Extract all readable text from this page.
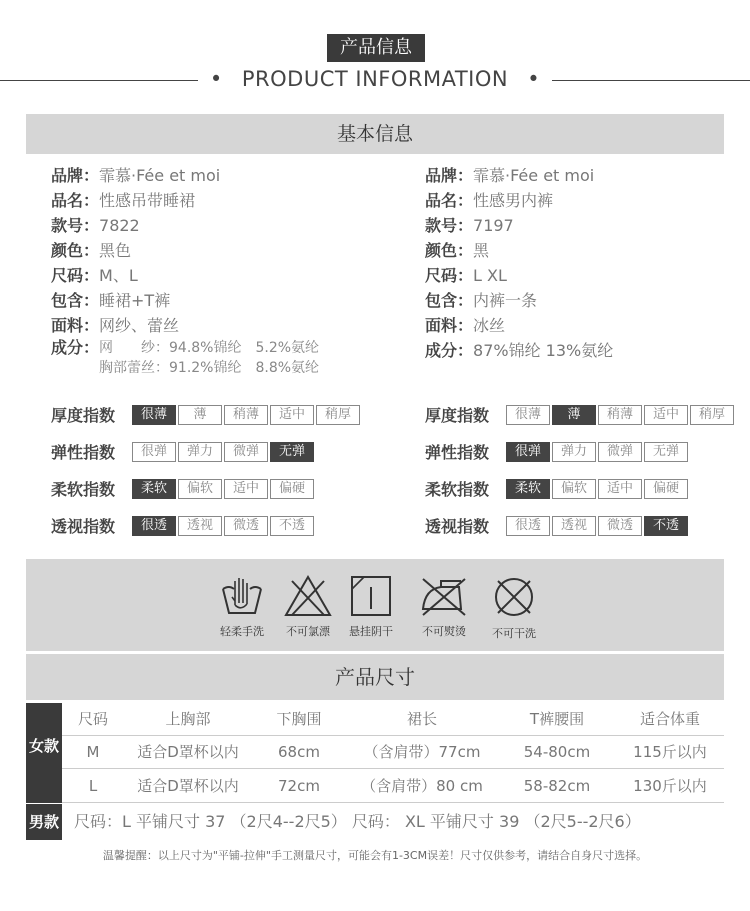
产品信息
• PRODUCT INFORMATION •
基本信息
品牌：霏慕·Fée et moi
品名：性感吊带睡裙
款号：7822
颜色：黑色
尺码：M、L
包含：睡裙+T裤
面料：网纱、蕾丝
成分： 网　　纱：94.8%锦纶　5.2%氨纶
胸部蕾丝：91.2%锦纶　8.8%氨纶
品牌：霏慕·Fée et moi
品名：性感男内裤
款号：7197
颜色：黑
尺码：L XL
包含：内裤一条
面料：冰丝
成分：87%锦纶 13%氨纶
厚度指数	很薄	薄	稍薄	适中	稍厚
弹性指数	很弹	弹力	微弹	无弹
柔软指数	柔软	偏软	适中	偏硬
透视指数	很透	透视	微透	不透
厚度指数	很薄	薄	稍薄	适中	稍厚
弹性指数	很弹	弹力	微弹	无弹
柔软指数	柔软	偏软	适中	偏硬
透视指数	很透	透视	微透	不透
轻柔手洗	不可氯漂	悬挂阴干	不可熨烫	不可干洗
产品尺寸
女款
尺码	上胸部	下胸围	裙长	T裤腰围	适合体重
M	适合D罩杯以内	68cm	（含肩带）77cm	54-80cm	115斤以内
L	适合D罩杯以内	72cm	（含肩带）80 cm	58-82cm	130斤以内
男款 尺码：L 平铺尺寸 37 （2尺4--2尺5） 尺码： XL 平铺尺寸 39 （2尺5--2尺6）
温馨提醒：以上尺寸为"平铺-拉伸"手工测量尺寸，可能会有1-3CM误差！尺寸仅供参考，请结合自身尺寸选择。
